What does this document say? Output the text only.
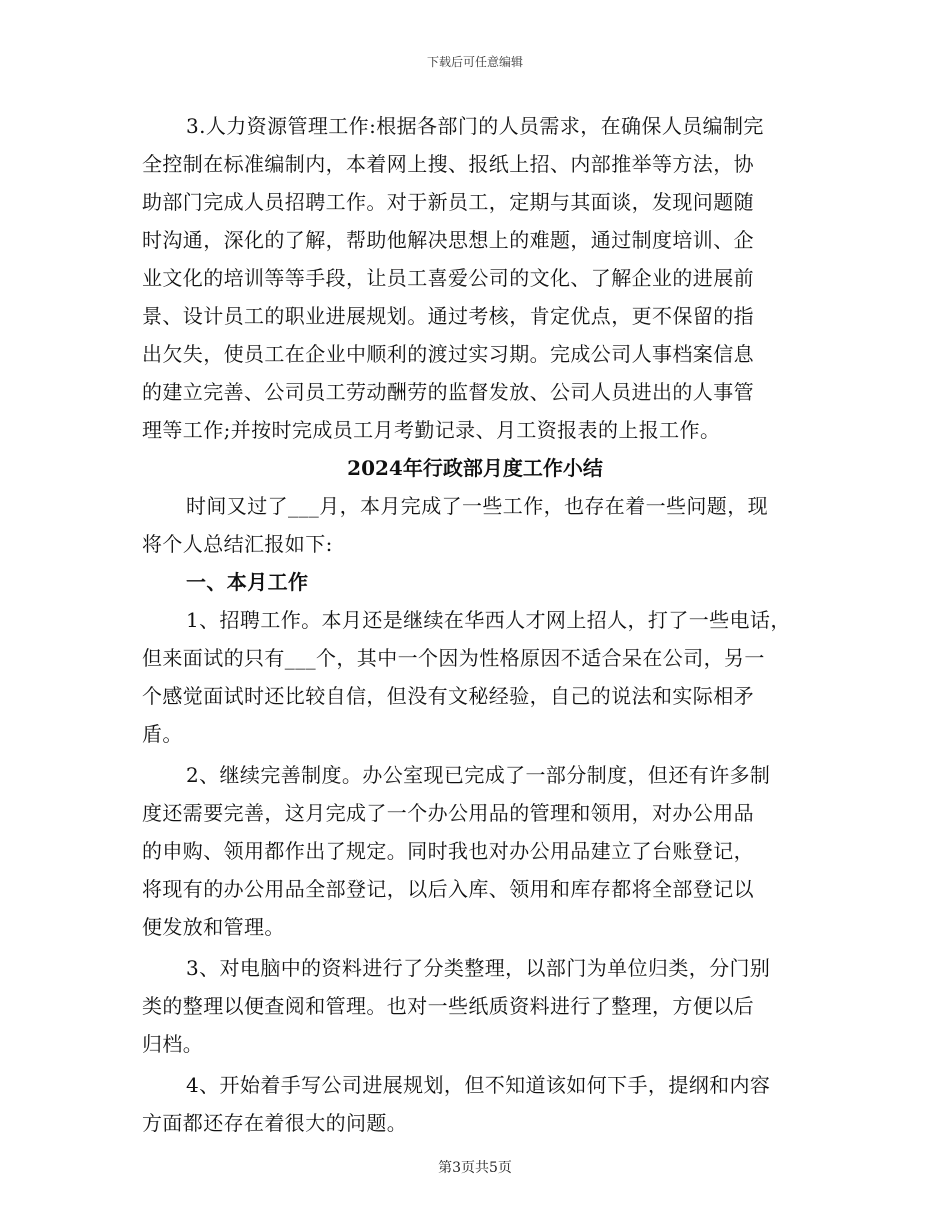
下载后可任意编辑
3.人力资源管理工作:根据各部门的人员需求，在确保人员编制完
全控制在标准编制内，本着网上搜、报纸上招、内部推举等方法，协
助部门完成人员招聘工作。对于新员工，定期与其面谈，发现问题随
时沟通，深化的了解，帮助他解决思想上的难题，通过制度培训、企
业文化的培训等等手段，让员工喜爱公司的文化、了解企业的进展前
景、设计员工的职业进展规划。通过考核，肯定优点，更不保留的指
出欠失，使员工在企业中顺利的渡过实习期。完成公司人事档案信息
的建立完善、公司员工劳动酬劳的监督发放、公司人员进出的人事管
理等工作;并按时完成员工月考勤记录、月工资报表的上报工作。
2024年行政部月度工作小结
时间又过了___月，本月完成了一些工作，也存在着一些问题，现
将个人总结汇报如下:
一、本月工作
1、招聘工作。本月还是继续在华西人才网上招人，打了一些电话，
但来面试的只有___个，其中一个因为性格原因不适合呆在公司，另一
个感觉面试时还比较自信，但没有文秘经验，自己的说法和实际相矛
盾。
2、继续完善制度。办公室现已完成了一部分制度，但还有许多制
度还需要完善，这月完成了一个办公用品的管理和领用，对办公用品
的申购、领用都作出了规定。同时我也对办公用品建立了台账登记，
将现有的办公用品全部登记，以后入库、领用和库存都将全部登记以
便发放和管理。
3、对电脑中的资料进行了分类整理，以部门为单位归类，分门别
类的整理以便查阅和管理。也对一些纸质资料进行了整理，方便以后
归档。
第3页共5页
4、开始着手写公司进展规划，但不知道该如何下手，提纲和内容
方面都还存在着很大的问题。
